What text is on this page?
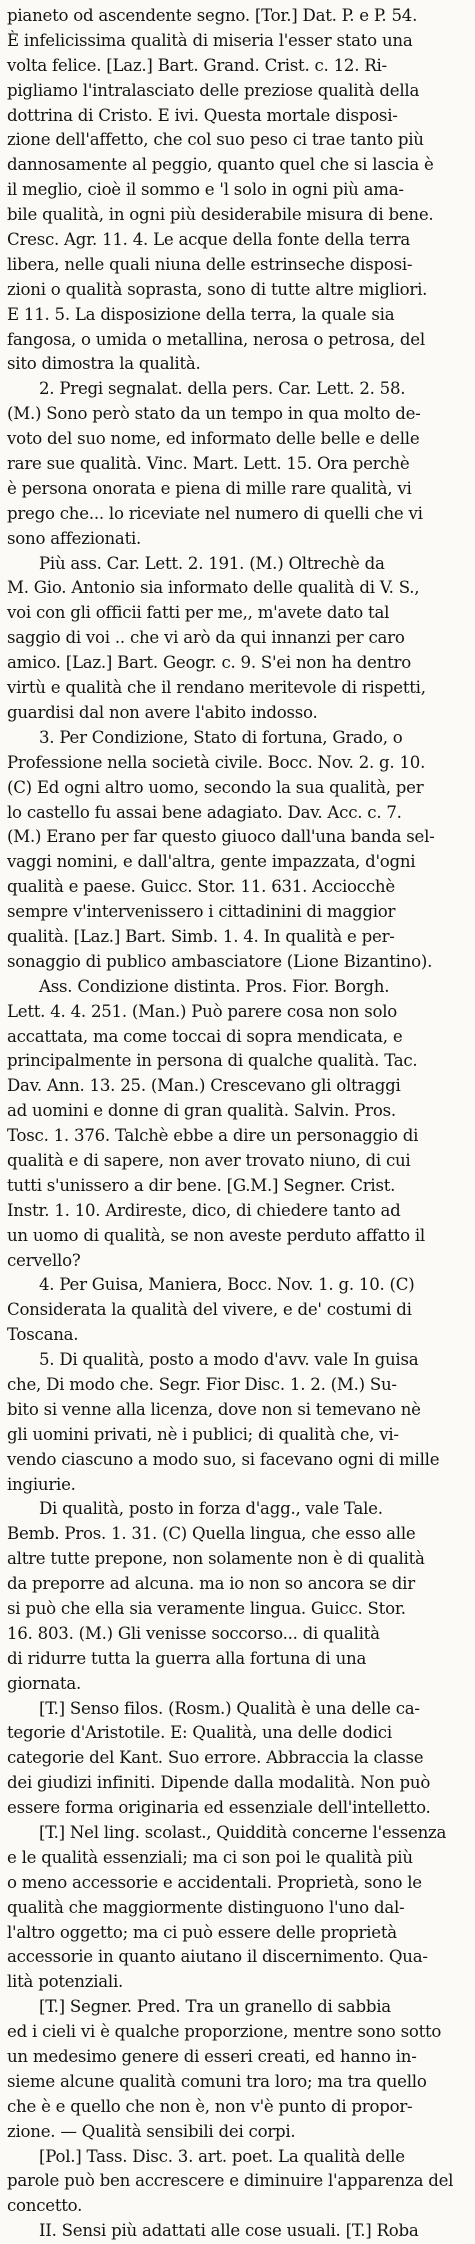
pianeto od ascendente segno. [Tor.] Dat. P. e P. 54.

È infelicissima qualità di miseria l'esser stato una

volta felice. [Laz.] Bart. Grand. Crist. c. 12. Ri-

pigliamo l'intralasciato delle preziose qualità della

dottrina di Cristo. E ivi. Questa mortale disposi-

zione dell'affetto, che col suo peso ci trae tanto più

dannosamente al peggio, quanto quel che si lascia è

il meglio, cioè il sommo e 'l solo in ogni più ama-

bile qualità, in ogni più desiderabile misura di bene.

Cresc. Agr. 11. 4. Le acque della fonte della terra

libera, nelle quali niuna delle estrinseche disposi-

zioni o qualità soprasta, sono di tutte altre migliori.

E 11. 5. La disposizione della terra, la quale sia

fangosa, o umida o metallina, nerosa o petrosa, del

sito dimostra la qualità.

2. Pregi segnalat. della pers. Car. Lett. 2. 58.

(M.) Sono però stato da un tempo in qua molto de-

voto del suo nome, ed informato delle belle e delle

rare sue qualità. Vinc. Mart. Lett. 15. Ora perchè

è persona onorata e piena di mille rare qualità, vi

prego che... lo riceviate nel numero di quelli che vi

sono affezionati.

Più ass. Car. Lett. 2. 191. (M.) Oltrechè da

M. Gio. Antonio sia informato delle qualità di V. S.,

voi con gli officii fatti per me,, m'avete dato tal

saggio di voi .. che vi arò da qui innanzi per caro

amico. [Laz.] Bart. Geogr. c. 9. S'ei non ha dentro

virtù e qualità che il rendano meritevole di rispetti,

guardisi dal non avere l'abito indosso.

3. Per Condizione, Stato di fortuna, Grado, o

Professione nella società civile. Bocc. Nov. 2. g. 10.

(C) Ed ogni altro uomo, secondo la sua qualità, per

lo castello fu assai bene adagiato. Dav. Acc. c. 7.

(M.) Erano per far questo giuoco dall'una banda sel-

vaggi nomini, e dall'altra, gente impazzata, d'ogni

qualità e paese. Guicc. Stor. 11. 631. Acciocchè

sempre v'intervenissero i cittadinini di maggior

qualità. [Laz.] Bart. Simb. 1. 4. In qualità e per-

sonaggio di publico ambasciatore (Lione Bizantino).

Ass. Condizione distinta. Pros. Fior. Borgh.

Lett. 4. 4. 251. (Man.) Può parere cosa non solo

accattata, ma come toccai di sopra mendicata, e

principalmente in persona di qualche qualità. Tac.

Dav. Ann. 13. 25. (Man.) Crescevano gli oltraggi

ad uomini e donne di gran qualità. Salvin. Pros.

Tosc. 1. 376. Talchè ebbe a dire un personaggio di

qualità e di sapere, non aver trovato niuno, di cui

tutti s'unissero a dir bene. [G.M.] Segner. Crist.

Instr. 1. 10. Ardireste, dico, di chiedere tanto ad

un uomo di qualità, se non aveste perduto affatto il

cervello?

4. Per Guisa, Maniera, Bocc. Nov. 1. g. 10. (C)

Considerata la qualità del vivere, e de' costumi di

Toscana.

5. Di qualità, posto a modo d'avv. vale In guisa

che, Di modo che. Segr. Fior Disc. 1. 2. (M.) Su-

bito si venne alla licenza, dove non si temevano nè

gli uomini privati, nè i publici; di qualità che, vi-

vendo ciascuno a modo suo, si facevano ogni di mille

ingiurie.

Di qualità, posto in forza d'agg., vale Tale.

Bemb. Pros. 1. 31. (C) Quella lingua, che esso alle

altre tutte prepone, non solamente non è di qualità

da preporre ad alcuna. ma io non so ancora se dir

si può che ella sia veramente lingua. Guicc. Stor.

16. 803. (M.) Gli venisse soccorso... di qualità

di ridurre tutta la guerra alla fortuna di una

giornata.

[T.] Senso filos. (Rosm.) Qualità è una delle ca-

tegorie d'Aristotile. E: Qualità, una delle dodici

categorie del Kant. Suo errore. Abbraccia la classe

dei giudizi infiniti. Dipende dalla modalità. Non può

essere forma originaria ed essenziale dell'intelletto.

[T.] Nel ling. scolast., Quiddità concerne l'essenza

e le qualità essenziali; ma ci son poi le qualità più

o meno accessorie e accidentali. Proprietà, sono le

qualità che maggiormente distinguono l'uno dal-

l'altro oggetto; ma ci può essere delle proprietà

accessorie in quanto aiutano il discernimento. Qua-

lità potenziali.

[T.] Segner. Pred. Tra un granello di sabbia

ed i cieli vi è qualche proporzione, mentre sono sotto

un medesimo genere di esseri creati, ed hanno in-

sieme alcune qualità comuni tra loro; ma tra quello

che è e quello che non è, non v'è punto di propor-

zione. — Qualità sensibili dei corpi.

[Pol.] Tass. Disc. 3. art. poet. La qualità delle

parole può ben accrescere e diminuire l'apparenza del

concetto.

II. Sensi più adattati alle cose usuali. [T.] Roba
